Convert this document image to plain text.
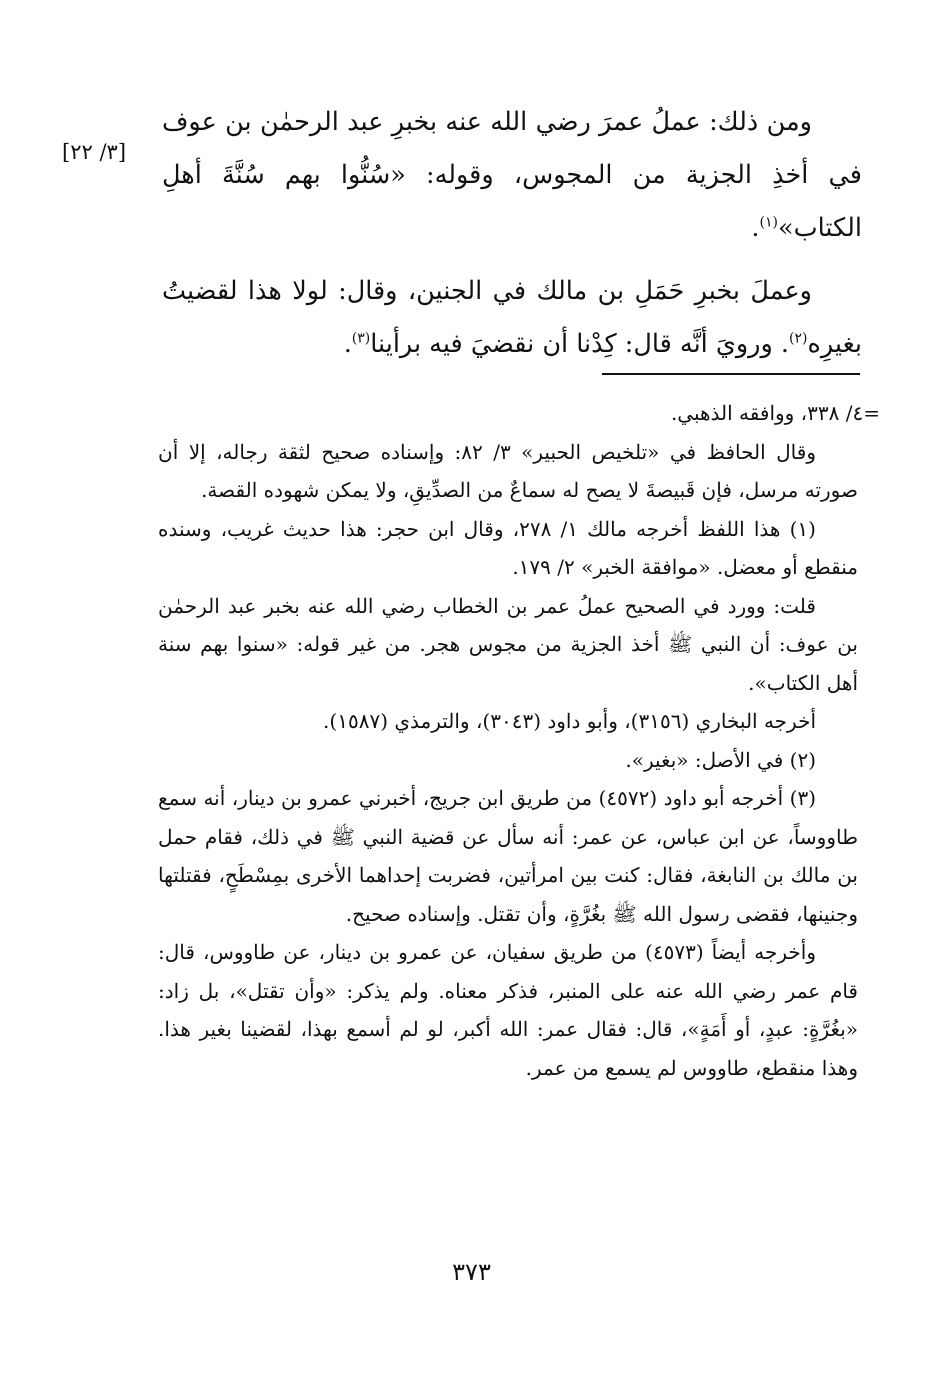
ومن ذلك: عملُ عمرَ رضي الله عنه بخبرِ عبد الرحمٰن بن عوف في أخذِ الجزية من المجوس، وقوله: «سُنُّوا بهم سُنَّةَ أهلِ الكتاب»$^{(١)}$.

وعملَ بخبرِ حَمَلِ بن مالك في الجنين، وقال: لولا هذا لقضيتُ بغيرِه$^{(٢)}$. ورويَ أنَّه قال: كِدْنا أن نقضيَ فيه برأينا$^{(٣)}$.

[٣/ ٢٢]

=٤/ ٣٣٨، ووافقه الذهبي.

وقال الحافظ في «تلخيص الحبير» ٣/ ٨٢: وإسناده صحيح لثقة رجاله، إلا أن صورته مرسل، فإن قَبيصةَ لا يصح له سماعٌ من الصدِّيقِ، ولا يمكن شهوده القصة.

(١) هذا اللفظ أخرجه مالك ١/ ٢٧٨، وقال ابن حجر: هذا حديث غريب، وسنده منقطع أو معضل. «موافقة الخبر» ٢/ ١٧٩.

قلت: وورد في الصحيح عملُ عمر بن الخطاب رضي الله عنه بخبر عبد الرحمٰن بن عوف: أن النبي ﷺ أخذ الجزية من مجوس هجر. من غير قوله: «سنوا بهم سنة أهل الكتاب».

أخرجه البخاري (٣١٥٦)، وأبو داود (٣٠٤٣)، والترمذي (١٥٨٧).

(٢) في الأصل: «بغير».

(٣) أخرجه أبو داود (٤٥٧٢) من طريق ابن جريج، أخبرني عمرو بن دينار، أنه سمع طاووساً، عن ابن عباس، عن عمر: أنه سأل عن قضية النبي ﷺ في ذلك، فقام حمل بن مالك بن النابغة، فقال: كنت بين امرأتين، فضربت إحداهما الأخرى بمِسْطَحٍ، فقتلتها وجنينها، فقضى رسول الله ﷺ بغُرَّةٍ، وأن تقتل. وإسناده صحيح.

وأخرجه أيضاً (٤٥٧٣) من طريق سفيان، عن عمرو بن دينار، عن طاووس، قال: قام عمر رضي الله عنه على المنبر، فذكر معناه. ولم يذكر: «وأن تقتل»، بل زاد: «بغُرَّةٍ: عبدٍ، أو أَمَةٍ»، قال: فقال عمر: الله أكبر، لو لم أسمع بهذا، لقضينا بغير هذا. وهذا منقطع، طاووس لم يسمع من عمر.

٣٧٣
